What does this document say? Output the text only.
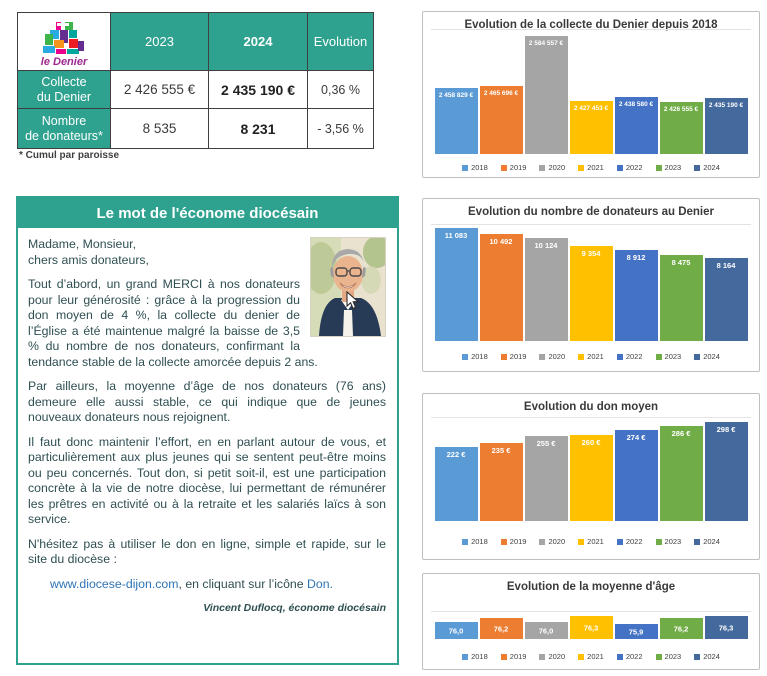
le Denier
2023	2024	Evolution
Collecte
du Denier	2 426 555 €	2 435 190 €	0,36 %
Nombre
de donateurs*	8 535	8 231	- 3,56 %
* Cumul par paroisse
Le mot de l'économe diocésain

Madame, Monsieur,
chers amis donateurs,

Tout d’abord, un grand MERCI à nos donateurs pour leur générosité : grâce à la progression du don moyen de 4 %, la collecte du denier de l’Église a été maintenue malgré la baisse de 3,5 % du nombre de nos donateurs, confirmant la tendance stable de la collecte amorcée depuis 2 ans.

Par ailleurs, la moyenne d’âge de nos donateurs (76 ans) demeure elle aussi stable, ce qui indique que de jeunes nouveaux donateurs nous rejoignent.

Il faut donc maintenir l’effort, en en parlant autour de vous, et particulièrement aux plus jeunes qui se sentent peut-être moins ou peu concernés. Tout don, si petit soit-il, est une participation concrète à la vie de notre diocèse, lui permettant de rémunérer les prêtres en activité ou à la retraite et les salariés laïcs à son service.

N'hésitez pas à utiliser le don en ligne, simple et rapide, sur le site du diocèse :

www.diocese-dijon.com, en cliquant sur l’icône Don.

Vincent Duflocq, économe diocésain
Evolution de la collecte du Denier depuis 2018
2 458 829 €	2 465 696 €
2 584 557 €
2 427 453 €
2 438 580 €
2 426 555 €
2 435 190 €
2018	2019	2020	2021	2022	2023	2024
Evolution du nombre de donateurs au Denier
11 083
10 492	10 124
9 354	8 912
8 475	8 164
2018	2019	2020	2021	2022	2023	2024
Evolution du don moyen
222 €	235 €
255 €	260 €
274 €	286 €	298 €
2018	2019	2020	2021	2022	2023	2024
Evolution de la moyenne d'âge
76,0	76,2	76,0	76,3	75,9	76,2	76,3
2018	2019	2020	2021	2022	2023	2024
